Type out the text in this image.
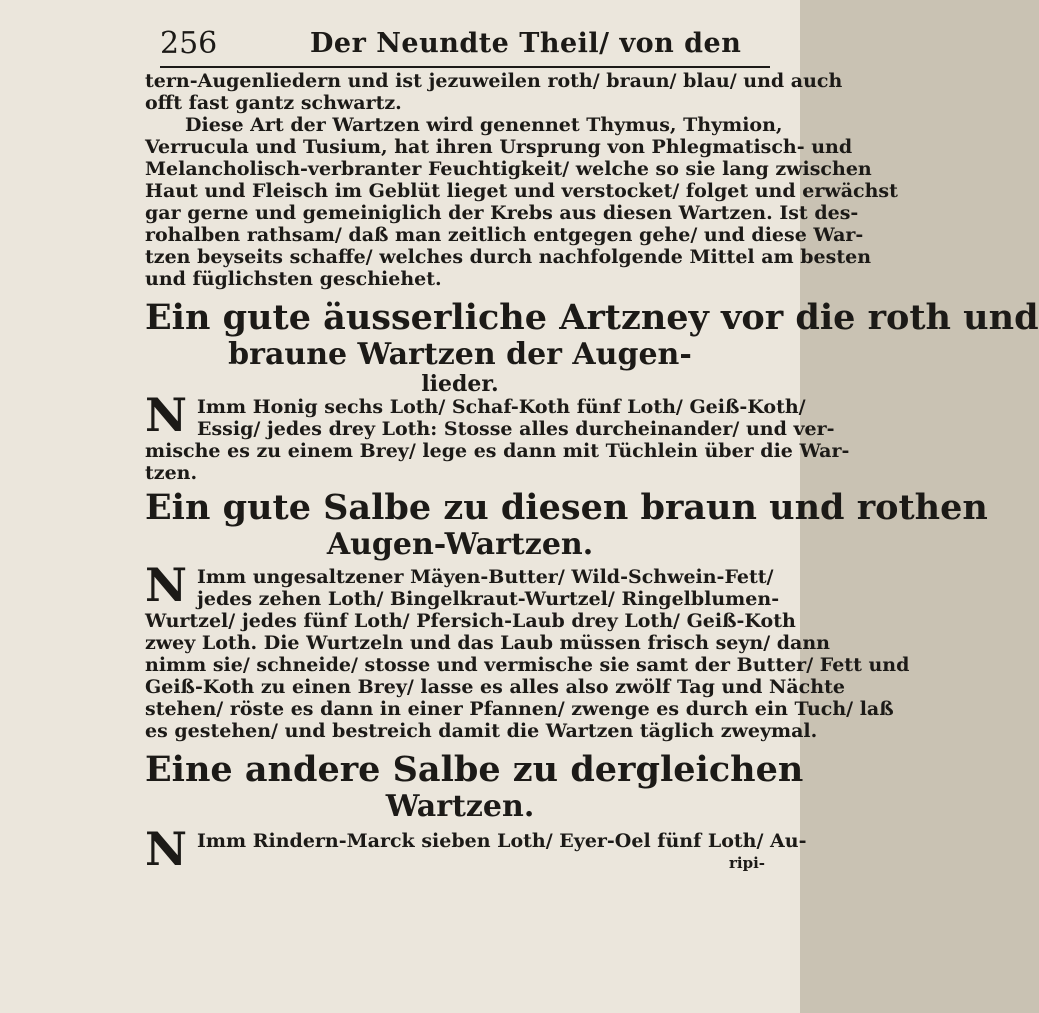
256	Der Neundte Theil/ von den
tern-Augenliedern und ist jezuweilen roth/ braun/ blau/ und auch
offt fast gantz schwartz.
Diese Art der Wartzen wird genennet Thymus, Thymion,
Verrucula und Tusium, hat ihren Ursprung von Phlegmatisch- und
Melancholisch-verbranter Feuchtigkeit/ welche so sie lang zwischen
Haut und Fleisch im Geblüt lieget und verstocket/ folget und erwächst
gar gerne und gemeiniglich der Krebs aus diesen Wartzen. Ist des-
rohalben rathsam/ daß man zeitlich entgegen gehe/ und diese War-
tzen beyseits schaffe/ welches durch nachfolgende Mittel am besten
und füglichsten geschiehet.
Ein gute äusserliche Artzney vor die roth und
braune Wartzen der Augen-
lieder.
N Imm Honig sechs Loth/ Schaf-Koth fünf Loth/ Geiß-Koth/
Essig/ jedes drey Loth: Stosse alles durcheinander/ und ver-
mische es zu einem Brey/ lege es dann mit Tüchlein über die War-
tzen.
Ein gute Salbe zu diesen braun und rothen
Augen-Wartzen.
N Imm ungesaltzener Mäyen-Butter/ Wild-Schwein-Fett/
jedes zehen Loth/ Bingelkraut-Wurtzel/ Ringelblumen-
Wurtzel/ jedes fünf Loth/ Pfersich-Laub drey Loth/ Geiß-Koth
zwey Loth. Die Wurtzeln und das Laub müssen frisch seyn/ dann
nimm sie/ schneide/ stosse und vermische sie samt der Butter/ Fett und
Geiß-Koth zu einen Brey/ lasse es alles also zwölf Tag und Nächte
stehen/ röste es dann in einer Pfannen/ zwenge es durch ein Tuch/ laß
es gestehen/ und bestreich damit die Wartzen täglich zweymal.
Eine andere Salbe zu dergleichen
Wartzen.
N Imm Rindern-Marck sieben Loth/ Eyer-Oel fünf Loth/ Au-
ripi-
